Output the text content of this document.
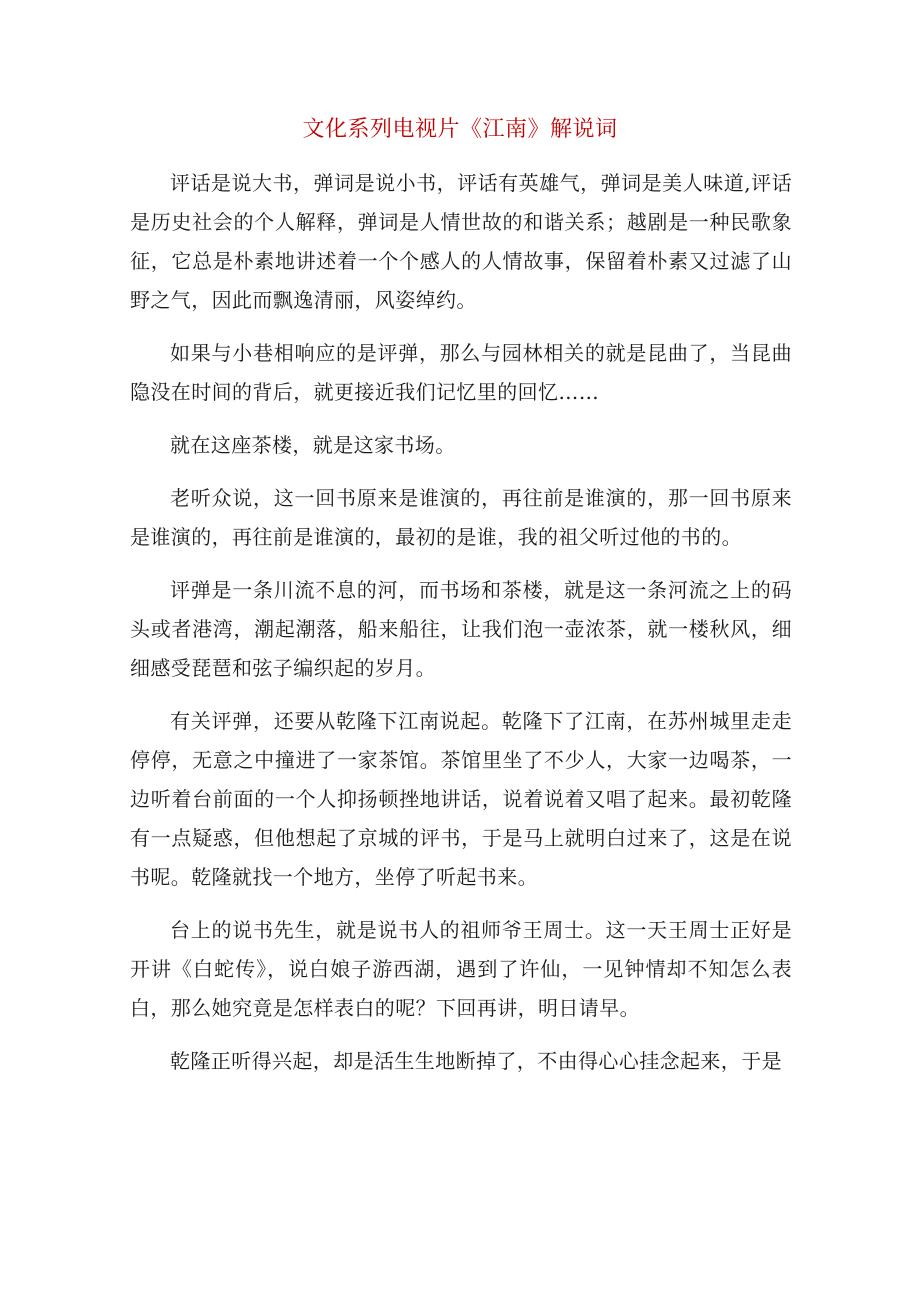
文化系列电视片《江南》解说词

评话是说大书，弹词是说小书，评话有英雄气，弹词是美人味道,评话是历史社会的个人解释，弹词是人情世故的和谐关系；越剧是一种民歌象征，它总是朴素地讲述着一个个感人的人情故事，保留着朴素又过滤了山野之气，因此而飘逸清丽，风姿绰约。

如果与小巷相响应的是评弹，那么与园林相关的就是昆曲了，当昆曲隐没在时间的背后，就更接近我们记忆里的回忆……

就在这座茶楼，就是这家书场。

老听众说，这一回书原来是谁演的，再往前是谁演的，那一回书原来是谁演的，再往前是谁演的，最初的是谁，我的祖父听过他的书的。

评弹是一条川流不息的河，而书场和茶楼，就是这一条河流之上的码头或者港湾，潮起潮落，船来船往，让我们泡一壶浓茶，就一楼秋风，细细感受琵琶和弦子编织起的岁月。

有关评弹，还要从乾隆下江南说起。乾隆下了江南，在苏州城里走走停停，无意之中撞进了一家茶馆。茶馆里坐了不少人，大家一边喝茶，一边听着台前面的一个人抑扬顿挫地讲话，说着说着又唱了起来。最初乾隆有一点疑惑，但他想起了京城的评书，于是马上就明白过来了，这是在说书呢。乾隆就找一个地方，坐停了听起书来。

台上的说书先生，就是说书人的祖师爷王周士。这一天王周士正好是开讲《白蛇传》，说白娘子游西湖，遇到了许仙，一见钟情却不知怎么表白，那么她究竟是怎样表白的呢？下回再讲，明日请早。

乾隆正听得兴起，却是活生生地断掉了，不由得心心挂念起来，于是
